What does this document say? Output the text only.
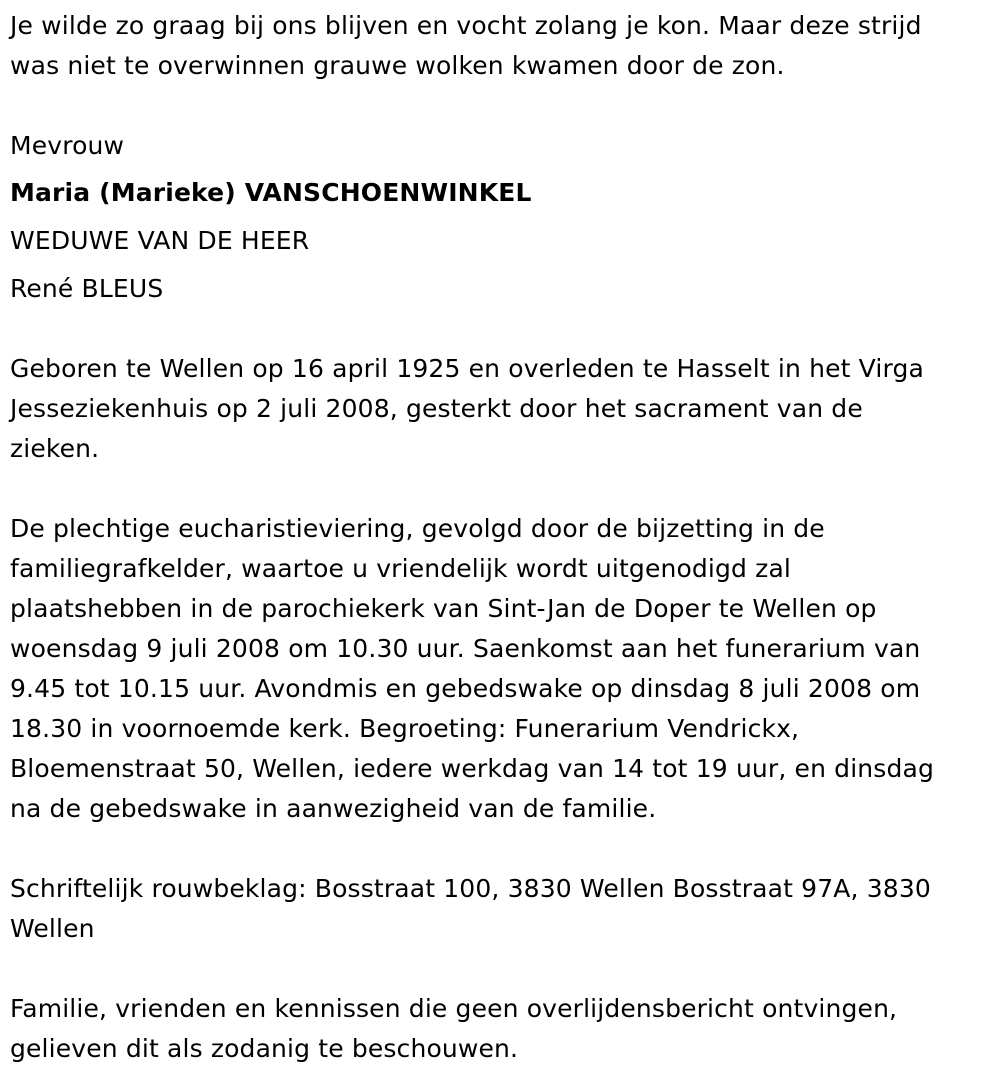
Je wilde zo graag bij ons blijven en vocht zolang je kon. Maar deze strijd
was niet te overwinnen grauwe wolken kwamen door de zon.
Mevrouw
Maria (Marieke) VANSCHOENWINKEL
WEDUWE VAN DE HEER
René BLEUS
Geboren te Wellen op 16 april 1925 en overleden te Hasselt in het Virga
Jesseziekenhuis op 2 juli 2008, gesterkt door het sacrament van de
zieken.
De plechtige eucharistieviering, gevolgd door de bijzetting in de
familiegrafkelder, waartoe u vriendelijk wordt uitgenodigd zal
plaatshebben in de parochiekerk van Sint-Jan de Doper te Wellen op
woensdag 9 juli 2008 om 10.30 uur. Saenkomst aan het funerarium van
9.45 tot 10.15 uur. Avondmis en gebedswake op dinsdag 8 juli 2008 om
18.30 in voornoemde kerk. Begroeting: Funerarium Vendrickx,
Bloemenstraat 50, Wellen, iedere werkdag van 14 tot 19 uur, en dinsdag
na de gebedswake in aanwezigheid van de familie.
Schriftelijk rouwbeklag: Bosstraat 100, 3830 Wellen Bosstraat 97A, 3830
Wellen
Familie, vrienden en kennissen die geen overlijdensbericht ontvingen,
gelieven dit als zodanig te beschouwen.
